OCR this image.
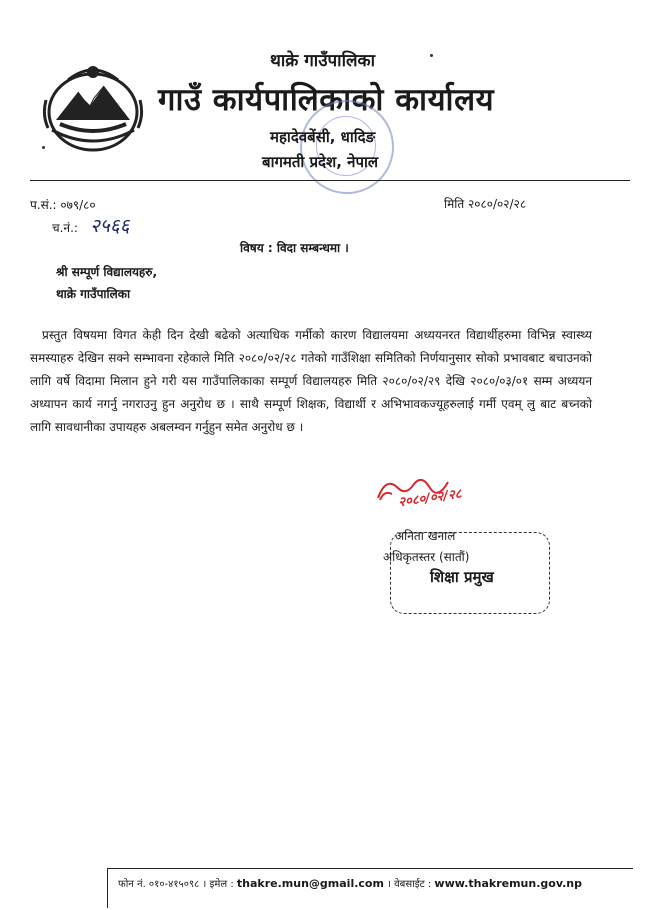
थाक्रे गाउँपालिका
गाउँ कार्यपालिकाको कार्यालय
महादेवबेंसी, धादिङ
बागमती प्रदेश, नेपाल
प.सं.: ०७९/८०
च.नं.: २५६६
मिति २०८०/०२/२८
विषय : विदा सम्बन्धमा ।
श्री सम्पूर्ण विद्यालयहरु,
थाक्रे गाउँपालिका
प्रस्तुत विषयमा विगत केही दिन देखी बढेको अत्याधिक गर्मीको कारण विद्यालयमा अध्ययनरत विद्यार्थीहरुमा विभिन्न स्वास्थ्य समस्याहरु देखिन सक्ने सम्भावना रहेकाले मिति २०८०/०२/२८ गतेको गाउँशिक्षा समितिको निर्णयानुसार सोको प्रभावबाट बचाउनको लागि वर्षे विदामा मिलान हुने गरी यस गाउँपालिकाका सम्पूर्ण विद्यालयहरु मिति २०८०/०२/२९ देखि २०८०/०३/०१ सम्म अध्ययन अध्यापन कार्य नगर्नु नगराउनु हुन अनुरोध छ । साथै सम्पूर्ण शिक्षक, विद्यार्थी र अभिभावकज्यूहरुलाई गर्मी एवम् लु बाट बच्नको लागि सावधानीका उपायहरु अबलम्वन गर्नुहुन समेत अनुरोध छ ।
२०८०/०२/२८
अनिता खनाल
अधिकृतस्तर (सातौं)
शिक्षा प्रमुख
फोन नं. ०१०-४१५०९८ । इमेल : thakre.mun@gmail.com । वेबसाईट : www.thakremun.gov.np
